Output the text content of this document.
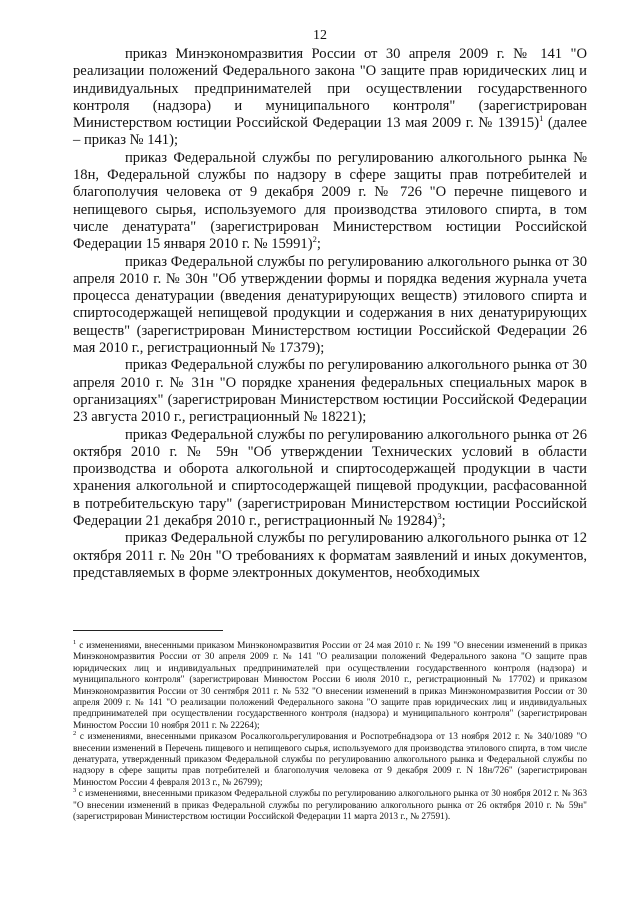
12

приказ Минэкономразвития России от 30 апреля 2009 г. № 141 "О реализации положений Федерального закона "О защите прав юридических лиц и индивидуальных предпринимателей при осуществлении государственного контроля (надзора) и муниципального контроля" (зарегистрирован Министерством юстиции Российской Федерации 13 мая 2009 г. № 13915)$^1$ (далее – приказ № 141);

приказ Федеральной службы по регулированию алкогольного рынка № 18н, Федеральной службы по надзору в сфере защиты прав потребителей и благополучия человека от 9 декабря 2009 г. № 726 "О перечне пищевого и непищевого сырья, используемого для производства этилового спирта, в том числе денатурата" (зарегистрирован Министерством юстиции Российской Федерации 15 января 2010 г. № 15991)$^2$;

приказ Федеральной службы по регулированию алкогольного рынка от 30 апреля 2010 г. № 30н "Об утверждении формы и порядка ведения журнала учета процесса денатурации (введения денатурирующих веществ) этилового спирта и спиртосодержащей непищевой продукции и содержания в них денатурирующих веществ" (зарегистрирован Министерством юстиции Российской Федерации 26 мая 2010 г., регистрационный № 17379);

приказ Федеральной службы по регулированию алкогольного рынка от 30 апреля 2010 г. № 31н "О порядке хранения федеральных специальных марок в организациях" (зарегистрирован Министерством юстиции Российской Федерации 23 августа 2010 г., регистрационный № 18221);

приказ Федеральной службы по регулированию алкогольного рынка от 26 октября 2010 г. № 59н "Об утверждении Технических условий в области производства и оборота алкогольной и спиртосодержащей продукции в части хранения алкогольной и спиртосодержащей пищевой продукции, расфасованной в потребительскую тару" (зарегистрирован Министерством юстиции Российской Федерации 21 декабря 2010 г., регистрационный № 19284)$^3$;

приказ Федеральной службы по регулированию алкогольного рынка от 12 октября 2011 г. № 20н "О требованиях к форматам заявлений и иных документов, представляемых в форме электронных документов, необходимых

$^1$ с изменениями, внесенными приказом Минэкономразвития России от 24 мая 2010 г. № 199 "О внесении изменений в приказ Минэкономразвития России от 30 апреля 2009 г. № 141 "О реализации положений Федерального закона "О защите прав юридических лиц и индивидуальных предпринимателей при осуществлении государственного контроля (надзора) и муниципального контроля" (зарегистрирован Минюстом России 6 июля 2010 г., регистрационный № 17702) и приказом Минэкономразвития России от 30 сентября 2011 г. № 532 "О внесении изменений в приказ Минэкономразвития России от 30 апреля 2009 г. № 141 "О реализации положений Федерального закона "О защите прав юридических лиц и индивидуальных предпринимателей при осуществлении государственного контроля (надзора) и муниципального контроля" (зарегистрирован Минюстом России 10 ноября 2011 г. № 22264);

$^2$ с изменениями, внесенными приказом Росалкогольрегулирования и Роспотребнадзора от 13 ноября 2012 г. № 340/1089 "О внесении изменений в Перечень пищевого и непищевого сырья, используемого для производства этилового спирта, в том числе денатурата, утвержденный приказом Федеральной службы по регулированию алкогольного рынка и Федеральной службы по надзору в сфере защиты прав потребителей и благополучия человека от 9 декабря 2009 г. N 18н/726" (зарегистрирован Минюстом России 4 февраля 2013 г., № 26799);

$^3$ с изменениями, внесенными приказом Федеральной службы по регулированию алкогольного рынка от 30 ноября 2012 г. № 363 "О внесении изменений в приказ Федеральной службы по регулированию алкогольного рынка от 26 октября 2010 г. № 59н" (зарегистрирован Министерством юстиции Российской Федерации 11 марта 2013 г., № 27591).
